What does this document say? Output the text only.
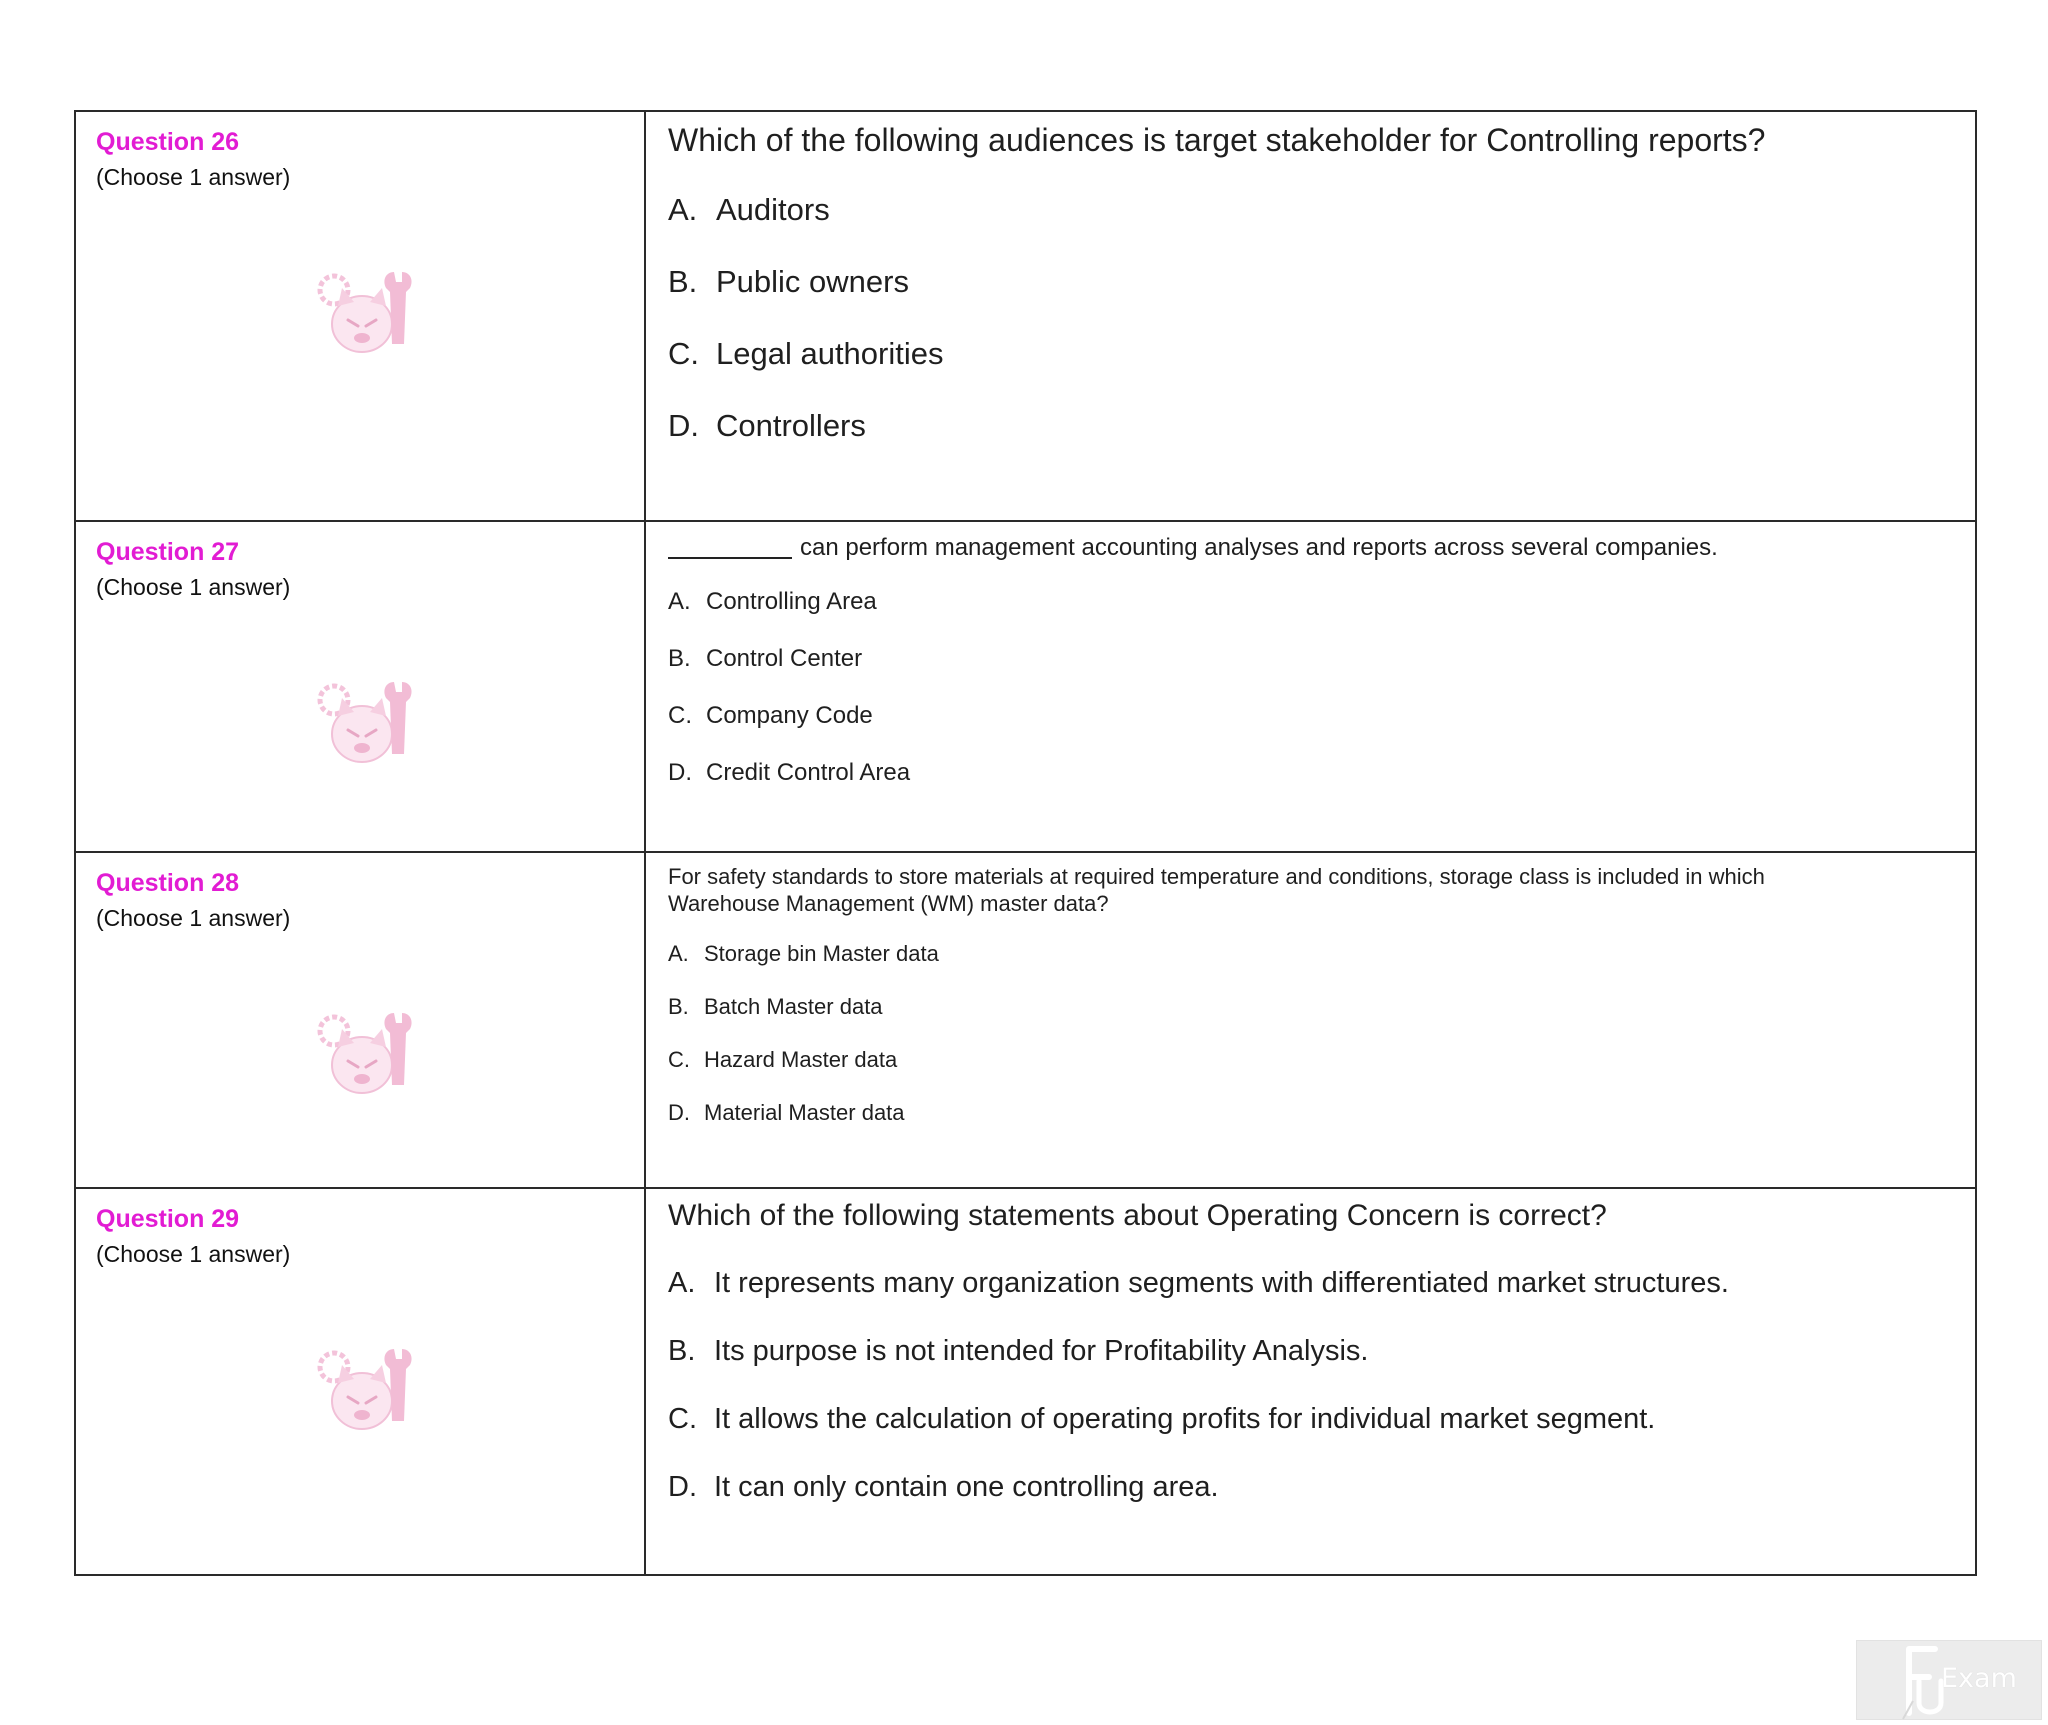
Question 26
(Choose 1 answer)
Which of the following audiences is target stakeholder for Controlling reports?
A. Auditors
B. Public owners
C. Legal authorities
D. Controllers
Question 27
(Choose 1 answer)
can perform management accounting analyses and reports across several companies.
A. Controlling Area
B. Control Center
C. Company Code
D. Credit Control Area
Question 28
(Choose 1 answer)
For safety standards to store materials at required temperature and conditions, storage class is included in which Warehouse Management (WM) master data?
A. Storage bin Master data
B. Batch Master data
C. Hazard Master data
D. Material Master data
Question 29
(Choose 1 answer)
Which of the following statements about Operating Concern is correct?
A. It represents many organization segments with differentiated market structures.
B. Its purpose is not intended for Profitability Analysis.
C. It allows the calculation of operating profits for individual market segment.
D. It can only contain one controlling area.
Exam
